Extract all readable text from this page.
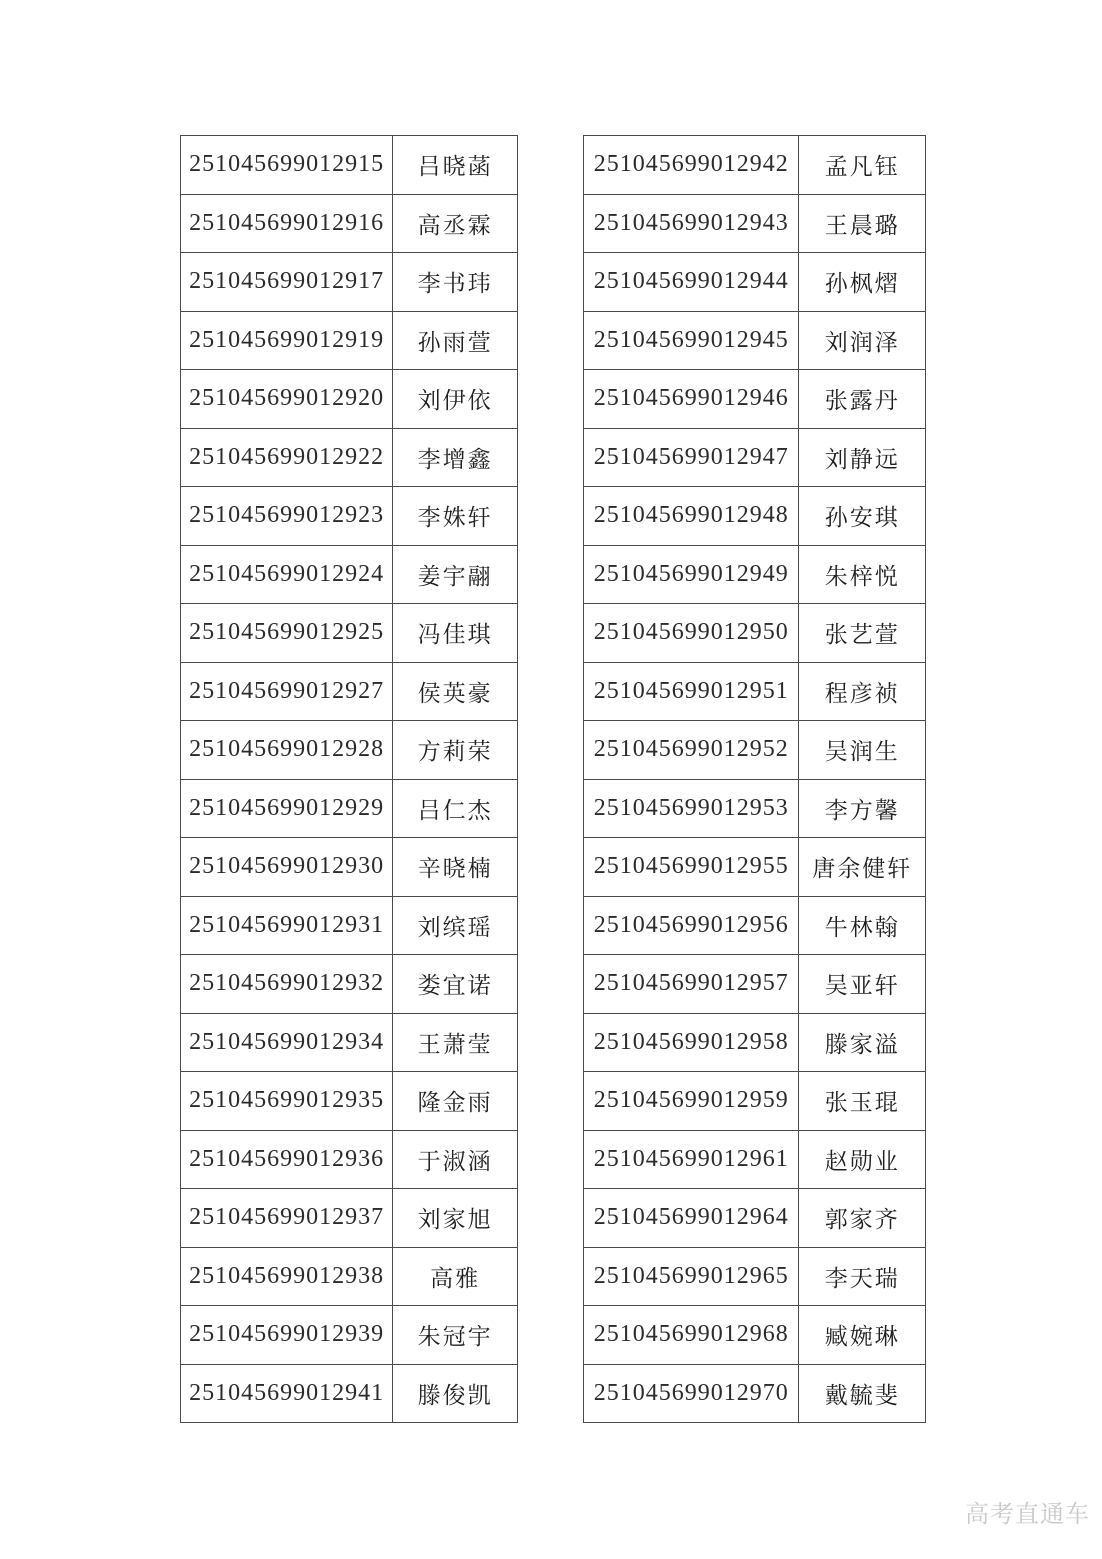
251045699012915	吕晓菡
251045699012916	高丞霖
251045699012917	李书玮
251045699012919	孙雨萱
251045699012920	刘伊依
251045699012922	李增鑫
251045699012923	李姝轩
251045699012924	姜宇翮
251045699012925	冯佳琪
251045699012927	侯英豪
251045699012928	方莉荣
251045699012929	吕仁杰
251045699012930	辛晓楠
251045699012931	刘缤瑶
251045699012932	娄宜诺
251045699012934	王萧莹
251045699012935	隆金雨
251045699012936	于淑涵
251045699012937	刘家旭
251045699012938	高雅
251045699012939	朱冠宇
251045699012941	滕俊凯
251045699012942	孟凡钰
251045699012943	王晨璐
251045699012944	孙枫熠
251045699012945	刘润泽
251045699012946	张露丹
251045699012947	刘静远
251045699012948	孙安琪
251045699012949	朱梓悦
251045699012950	张艺萱
251045699012951	程彦祯
251045699012952	吴润生
251045699012953	李方馨
251045699012955	唐余健轩
251045699012956	牛林翰
251045699012957	吴亚轩
251045699012958	滕家溢
251045699012959	张玉琨
251045699012961	赵勋业
251045699012964	郭家齐
251045699012965	李天瑞
251045699012968	臧婉琳
251045699012970	戴毓斐
高考直通车
